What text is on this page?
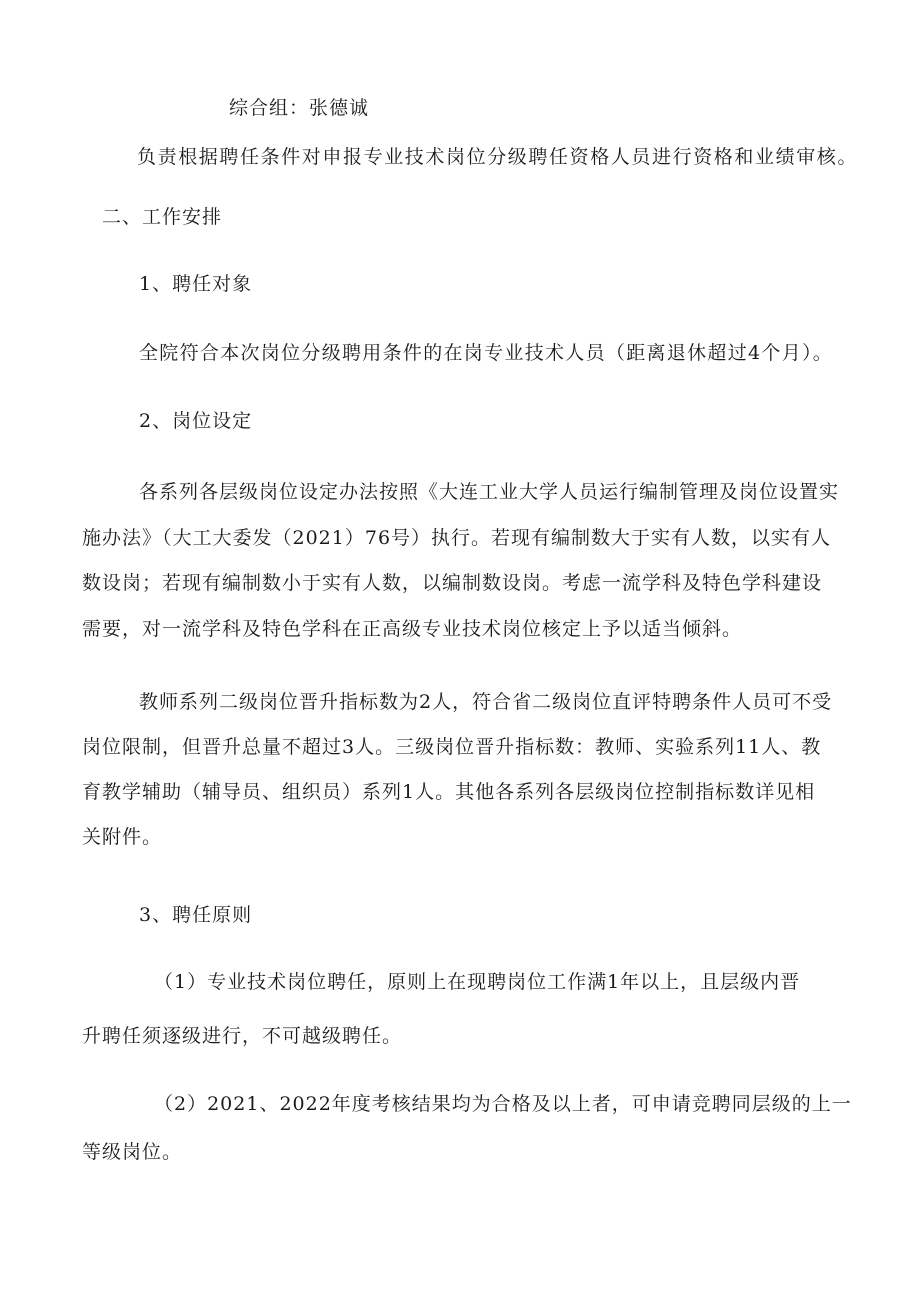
综合组：张德诚
负责根据聘任条件对申报专业技术岗位分级聘任资格人员进行资格和业绩审核。
二、工作安排
1、聘任对象
全院符合本次岗位分级聘用条件的在岗专业技术人员（距离退休超过4个月）。
2、岗位设定
各系列各层级岗位设定办法按照《大连工业大学人员运行编制管理及岗位设置实
施办法》（大工大委发（2021）76号）执行。若现有编制数大于实有人数，以实有人
数设岗；若现有编制数小于实有人数，以编制数设岗。考虑一流学科及特色学科建设
需要，对一流学科及特色学科在正高级专业技术岗位核定上予以适当倾斜。
教师系列二级岗位晋升指标数为2人，符合省二级岗位直评特聘条件人员可不受
岗位限制，但晋升总量不超过3人。三级岗位晋升指标数：教师、实验系列11人、教
育教学辅助（辅导员、组织员）系列1人。其他各系列各层级岗位控制指标数详见相
关附件。
3、聘任原则
（1）专业技术岗位聘任，原则上在现聘岗位工作满1年以上，且层级内晋
升聘任须逐级进行，不可越级聘任。
（2）2021、2022年度考核结果均为合格及以上者，可申请竞聘同层级的上一
等级岗位。
